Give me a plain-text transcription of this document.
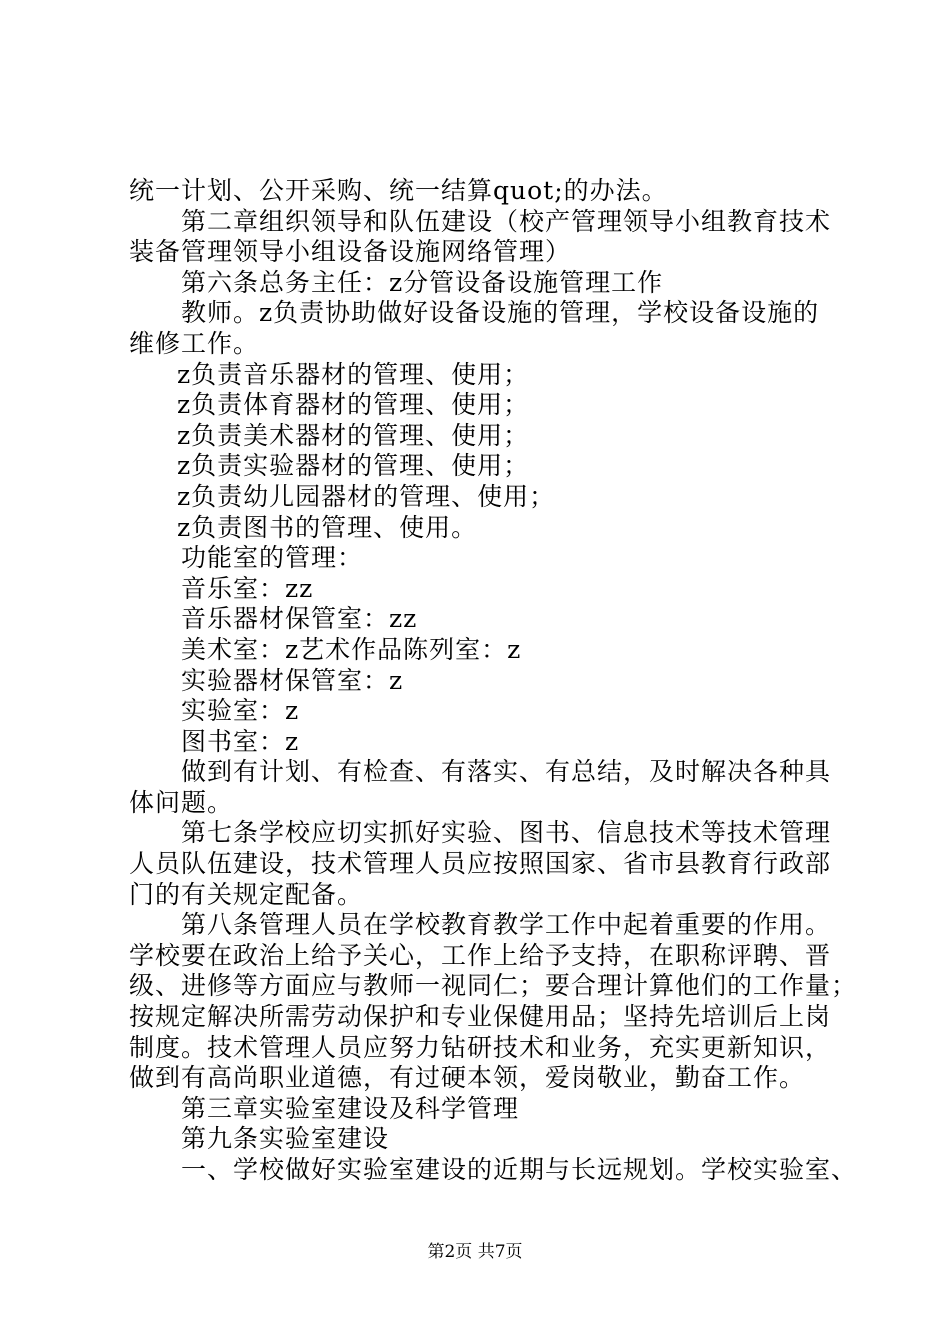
统一计划、公开采购、统一结算quot;的办法。
第二章组织领导和队伍建设（校产管理领导小组教育技术
装备管理领导小组设备设施网络管理）
第六条总务主任：z分管设备设施管理工作
教师。z负责协助做好设备设施的管理，学校设备设施的
维修工作。
z负责音乐器材的管理、使用；
z负责体育器材的管理、使用；
z负责美术器材的管理、使用；
z负责实验器材的管理、使用；
z负责幼儿园器材的管理、使用；
z负责图书的管理、使用。
功能室的管理：
音乐室：zz
音乐器材保管室：zz
美术室：z艺术作品陈列室：z
实验器材保管室：z
实验室：z
图书室：z
做到有计划、有检查、有落实、有总结，及时解决各种具
体问题。
第七条学校应切实抓好实验、图书、信息技术等技术管理
人员队伍建设，技术管理人员应按照国家、省市县教育行政部
门的有关规定配备。
第八条管理人员在学校教育教学工作中起着重要的作用。
学校要在政治上给予关心，工作上给予支持，在职称评聘、晋
级、进修等方面应与教师一视同仁；要合理计算他们的工作量；
按规定解决所需劳动保护和专业保健用品；坚持先培训后上岗
制度。技术管理人员应努力钻研技术和业务，充实更新知识，
做到有高尚职业道德，有过硬本领，爱岗敬业，勤奋工作。
第三章实验室建设及科学管理
第九条实验室建设
一、学校做好实验室建设的近期与长远规划。学校实验室、
第2页 共7页
